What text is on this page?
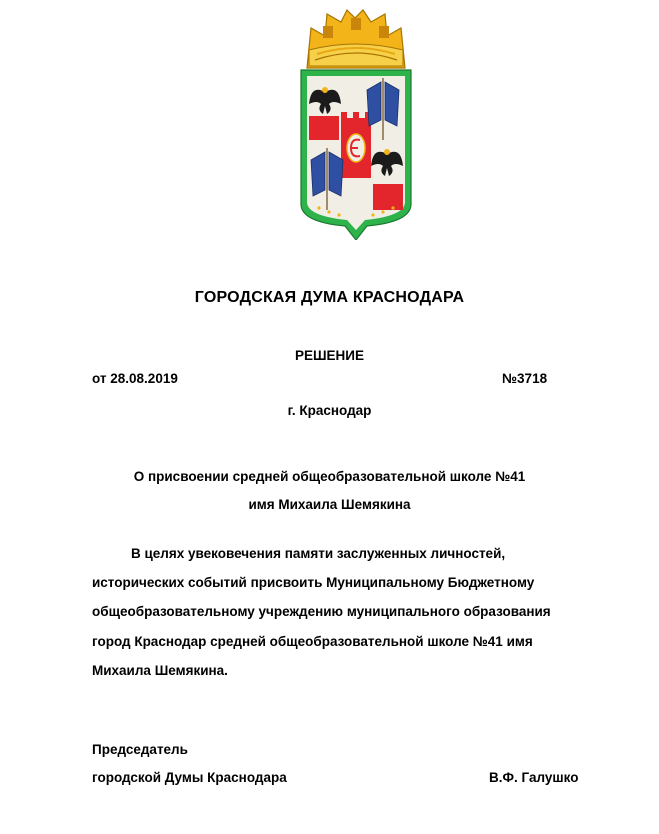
ГОРОДСКАЯ ДУМА КРАСНОДАРА
РЕШЕНИЕ
от 28.08.2019	№3718
г. Краснодар
О присвоении средней общеобразовательной школе №41
имя Михаила Шемякина
В целях увековечения памяти заслуженных личностей,
исторических событий присвоить Муниципальному Бюджетному
общеобразовательному учреждению муниципального образования
город Краснодар средней общеобразовательной школе №41 имя
Михаила Шемякина.
Председатель
городской Думы Краснодара	В.Ф. Галушко
